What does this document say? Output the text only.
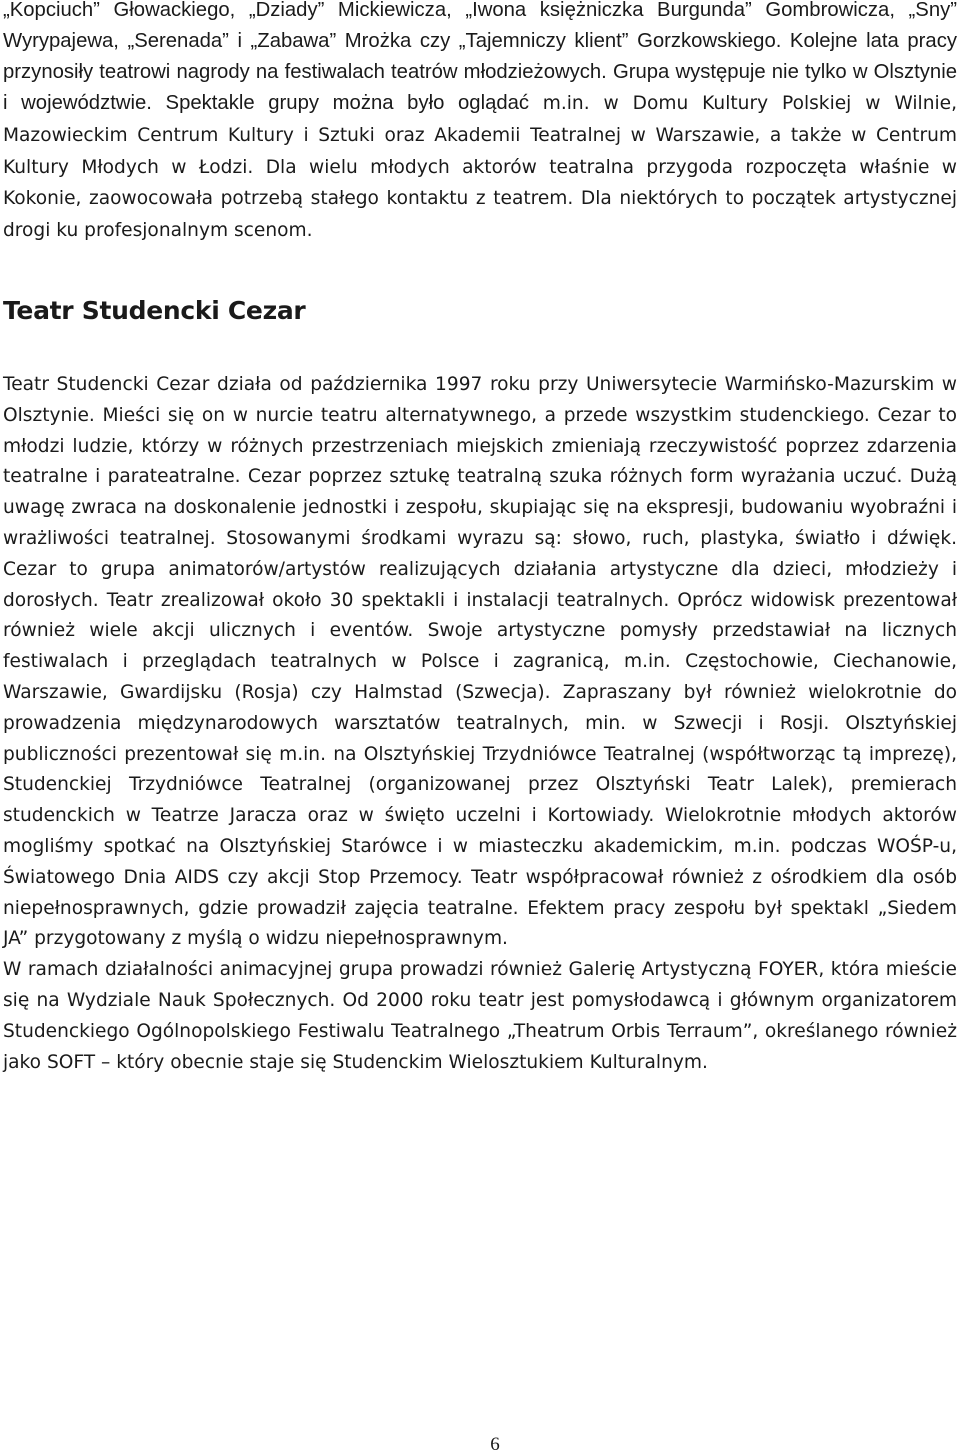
„Kopciuch” Głowackiego, „Dziady” Mickiewicza, „Iwona księżniczka Burgunda” Gombrowicza, „Sny” Wyrypajewa, „Serenada” i „Zabawa” Mrożka czy „Tajemniczy klient” Gorzkowskiego. Kolejne lata pracy przynosiły teatrowi nagrody na festiwalach teatrów młodzieżowych. Grupa występuje nie tylko w Olsztynie i województwie. Spektakle grupy można było oglądać m.in. w Domu Kultury Polskiej w Wilnie, Mazowieckim Centrum Kultury i Sztuki oraz Akademii Teatralnej w Warszawie, a także w Centrum Kultury Młodych w Łodzi. Dla wielu młodych aktorów teatralna przygoda rozpoczęta właśnie w Kokonie, zaowocowała potrzebą stałego kontaktu z teatrem. Dla niektórych to początek artystycznej drogi ku profesjonalnym scenom.

Teatr Studencki Cezar

Teatr Studencki Cezar działa od października 1997 roku przy Uniwersytecie Warmińsko-Mazurskim w Olsztynie. Mieści się on w nurcie teatru alternatywnego, a przede wszystkim studenckiego. Cezar to młodzi ludzie, którzy w różnych przestrzeniach miejskich zmieniają rzeczywistość poprzez zdarzenia teatralne i parateatralne. Cezar poprzez sztukę teatralną szuka różnych form wyrażania uczuć. Dużą uwagę zwraca na doskonalenie jednostki i zespołu, skupiając się na ekspresji, budowaniu wyobraźni i wrażliwości teatralnej. Stosowanymi środkami wyrazu są: słowo, ruch, plastyka, światło i dźwięk. Cezar to grupa animatorów/artystów realizujących działania artystyczne dla dzieci, młodzieży i dorosłych. Teatr zrealizował około 30 spektakli i instalacji teatralnych. Oprócz widowisk prezentował również wiele akcji ulicznych i eventów. Swoje artystyczne pomysły przedstawiał na licznych festiwalach i przeglądach teatralnych w Polsce i zagranicą, m.in. Częstochowie, Ciechanowie, Warszawie, Gwardijsku (Rosja) czy Halmstad (Szwecja). Zapraszany był również wielokrotnie do prowadzenia międzynarodowych warsztatów teatralnych, min. w Szwecji i Rosji. Olsztyńskiej publiczności prezentował się m.in. na Olsztyńskiej Trzydniówce Teatralnej (współtworząc tą imprezę), Studenckiej Trzydniówce Teatralnej (organizowanej przez Olsztyński Teatr Lalek), premierach studenckich w Teatrze Jaracza oraz w święto uczelni i Kortowiady. Wielokrotnie młodych aktorów mogliśmy spotkać na Olsztyńskiej Starówce i w miasteczku akademickim, m.in. podczas WOŚP-u, Światowego Dnia AIDS czy akcji Stop Przemocy. Teatr współpracował również z ośrodkiem dla osób niepełnosprawnych, gdzie prowadził zajęcia teatralne. Efektem pracy zespołu był spektakl „Siedem JA” przygotowany z myślą o widzu niepełnosprawnym.

W ramach działalności animacyjnej grupa prowadzi również Galerię Artystyczną FOYER, która mieście się na Wydziale Nauk Społecznych. Od 2000 roku teatr jest pomysłodawcą i głównym organizatorem Studenckiego Ogólnopolskiego Festiwalu Teatralnego „Theatrum Orbis Terraum”, określanego również jako SOFT – który obecnie staje się Studenckim Wielosztukiem Kulturalnym.

6
